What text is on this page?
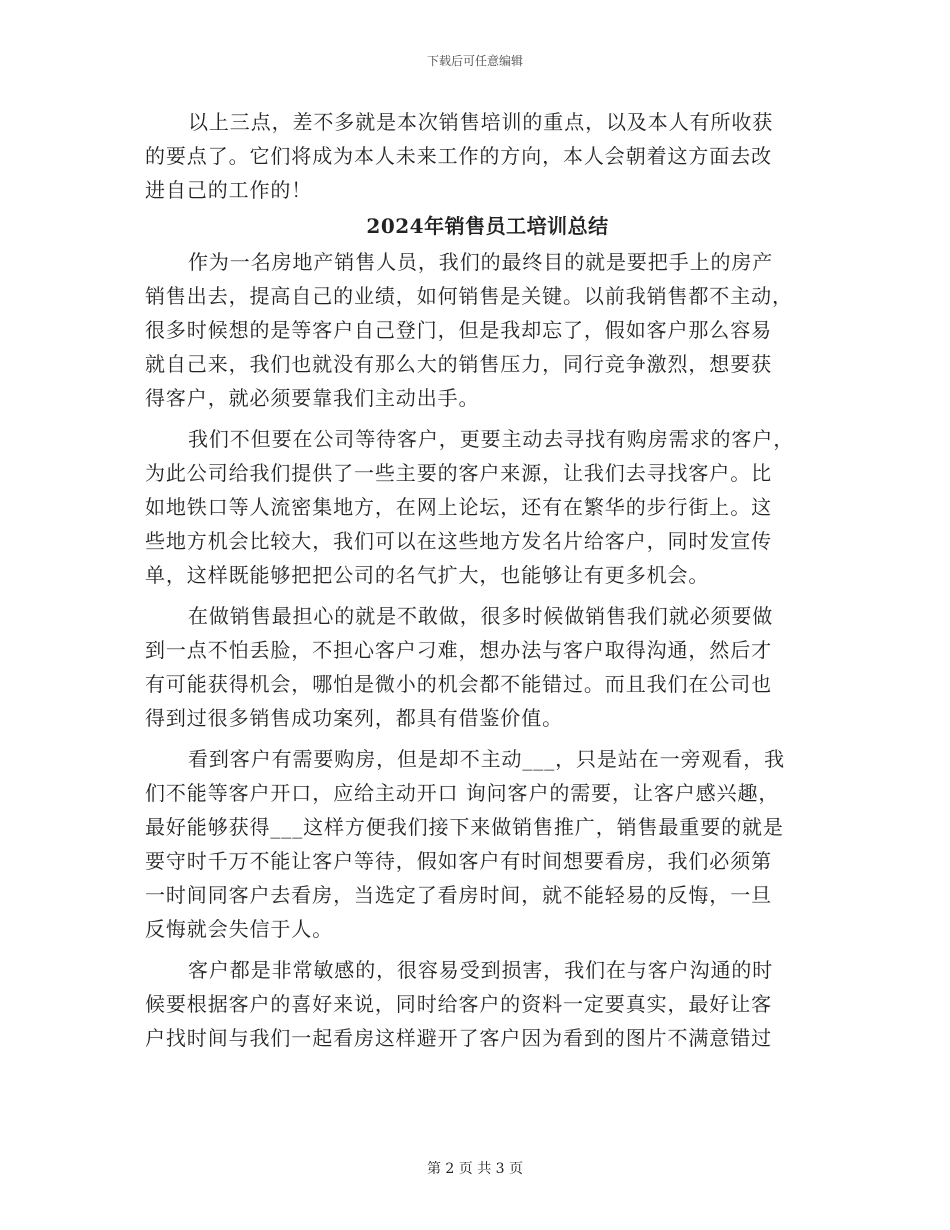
下载后可任意编辑
以上三点，差不多就是本次销售培训的重点，以及本人有所收获
的要点了。它们将成为本人未来工作的方向，本人会朝着这方面去改
进自己的工作的！
2024年销售员工培训总结
作为一名房地产销售人员，我们的最终目的就是要把手上的房产
销售出去，提高自己的业绩，如何销售是关键。以前我销售都不主动，
很多时候想的是等客户自己登门，但是我却忘了，假如客户那么容易
就自己来，我们也就没有那么大的销售压力，同行竞争激烈，想要获
得客户，就必须要靠我们主动出手。
我们不但要在公司等待客户，更要主动去寻找有购房需求的客户，
为此公司给我们提供了一些主要的客户来源，让我们去寻找客户。比
如地铁口等人流密集地方，在网上论坛，还有在繁华的步行街上。这
些地方机会比较大，我们可以在这些地方发名片给客户，同时发宣传
单，这样既能够把把公司的名气扩大，也能够让有更多机会。
在做销售最担心的就是不敢做，很多时候做销售我们就必须要做
到一点不怕丢脸，不担心客户刁难，想办法与客户取得沟通，然后才
有可能获得机会，哪怕是微小的机会都不能错过。而且我们在公司也
得到过很多销售成功案列，都具有借鉴价值。
看到客户有需要购房，但是却不主动___，只是站在一旁观看，我
们不能等客户开口，应给主动开口 询问客户的需要，让客户感兴趣，
最好能够获得___这样方便我们接下来做销售推广，销售最重要的就是
要守时千万不能让客户等待，假如客户有时间想要看房，我们必须第
一时间同客户去看房，当选定了看房时间，就不能轻易的反悔，一旦
反悔就会失信于人。
客户都是非常敏感的，很容易受到损害，我们在与客户沟通的时
候要根据客户的喜好来说，同时给客户的资料一定要真实，最好让客
户找时间与我们一起看房这样避开了客户因为看到的图片不满意错过
第 2 页 共 3 页
